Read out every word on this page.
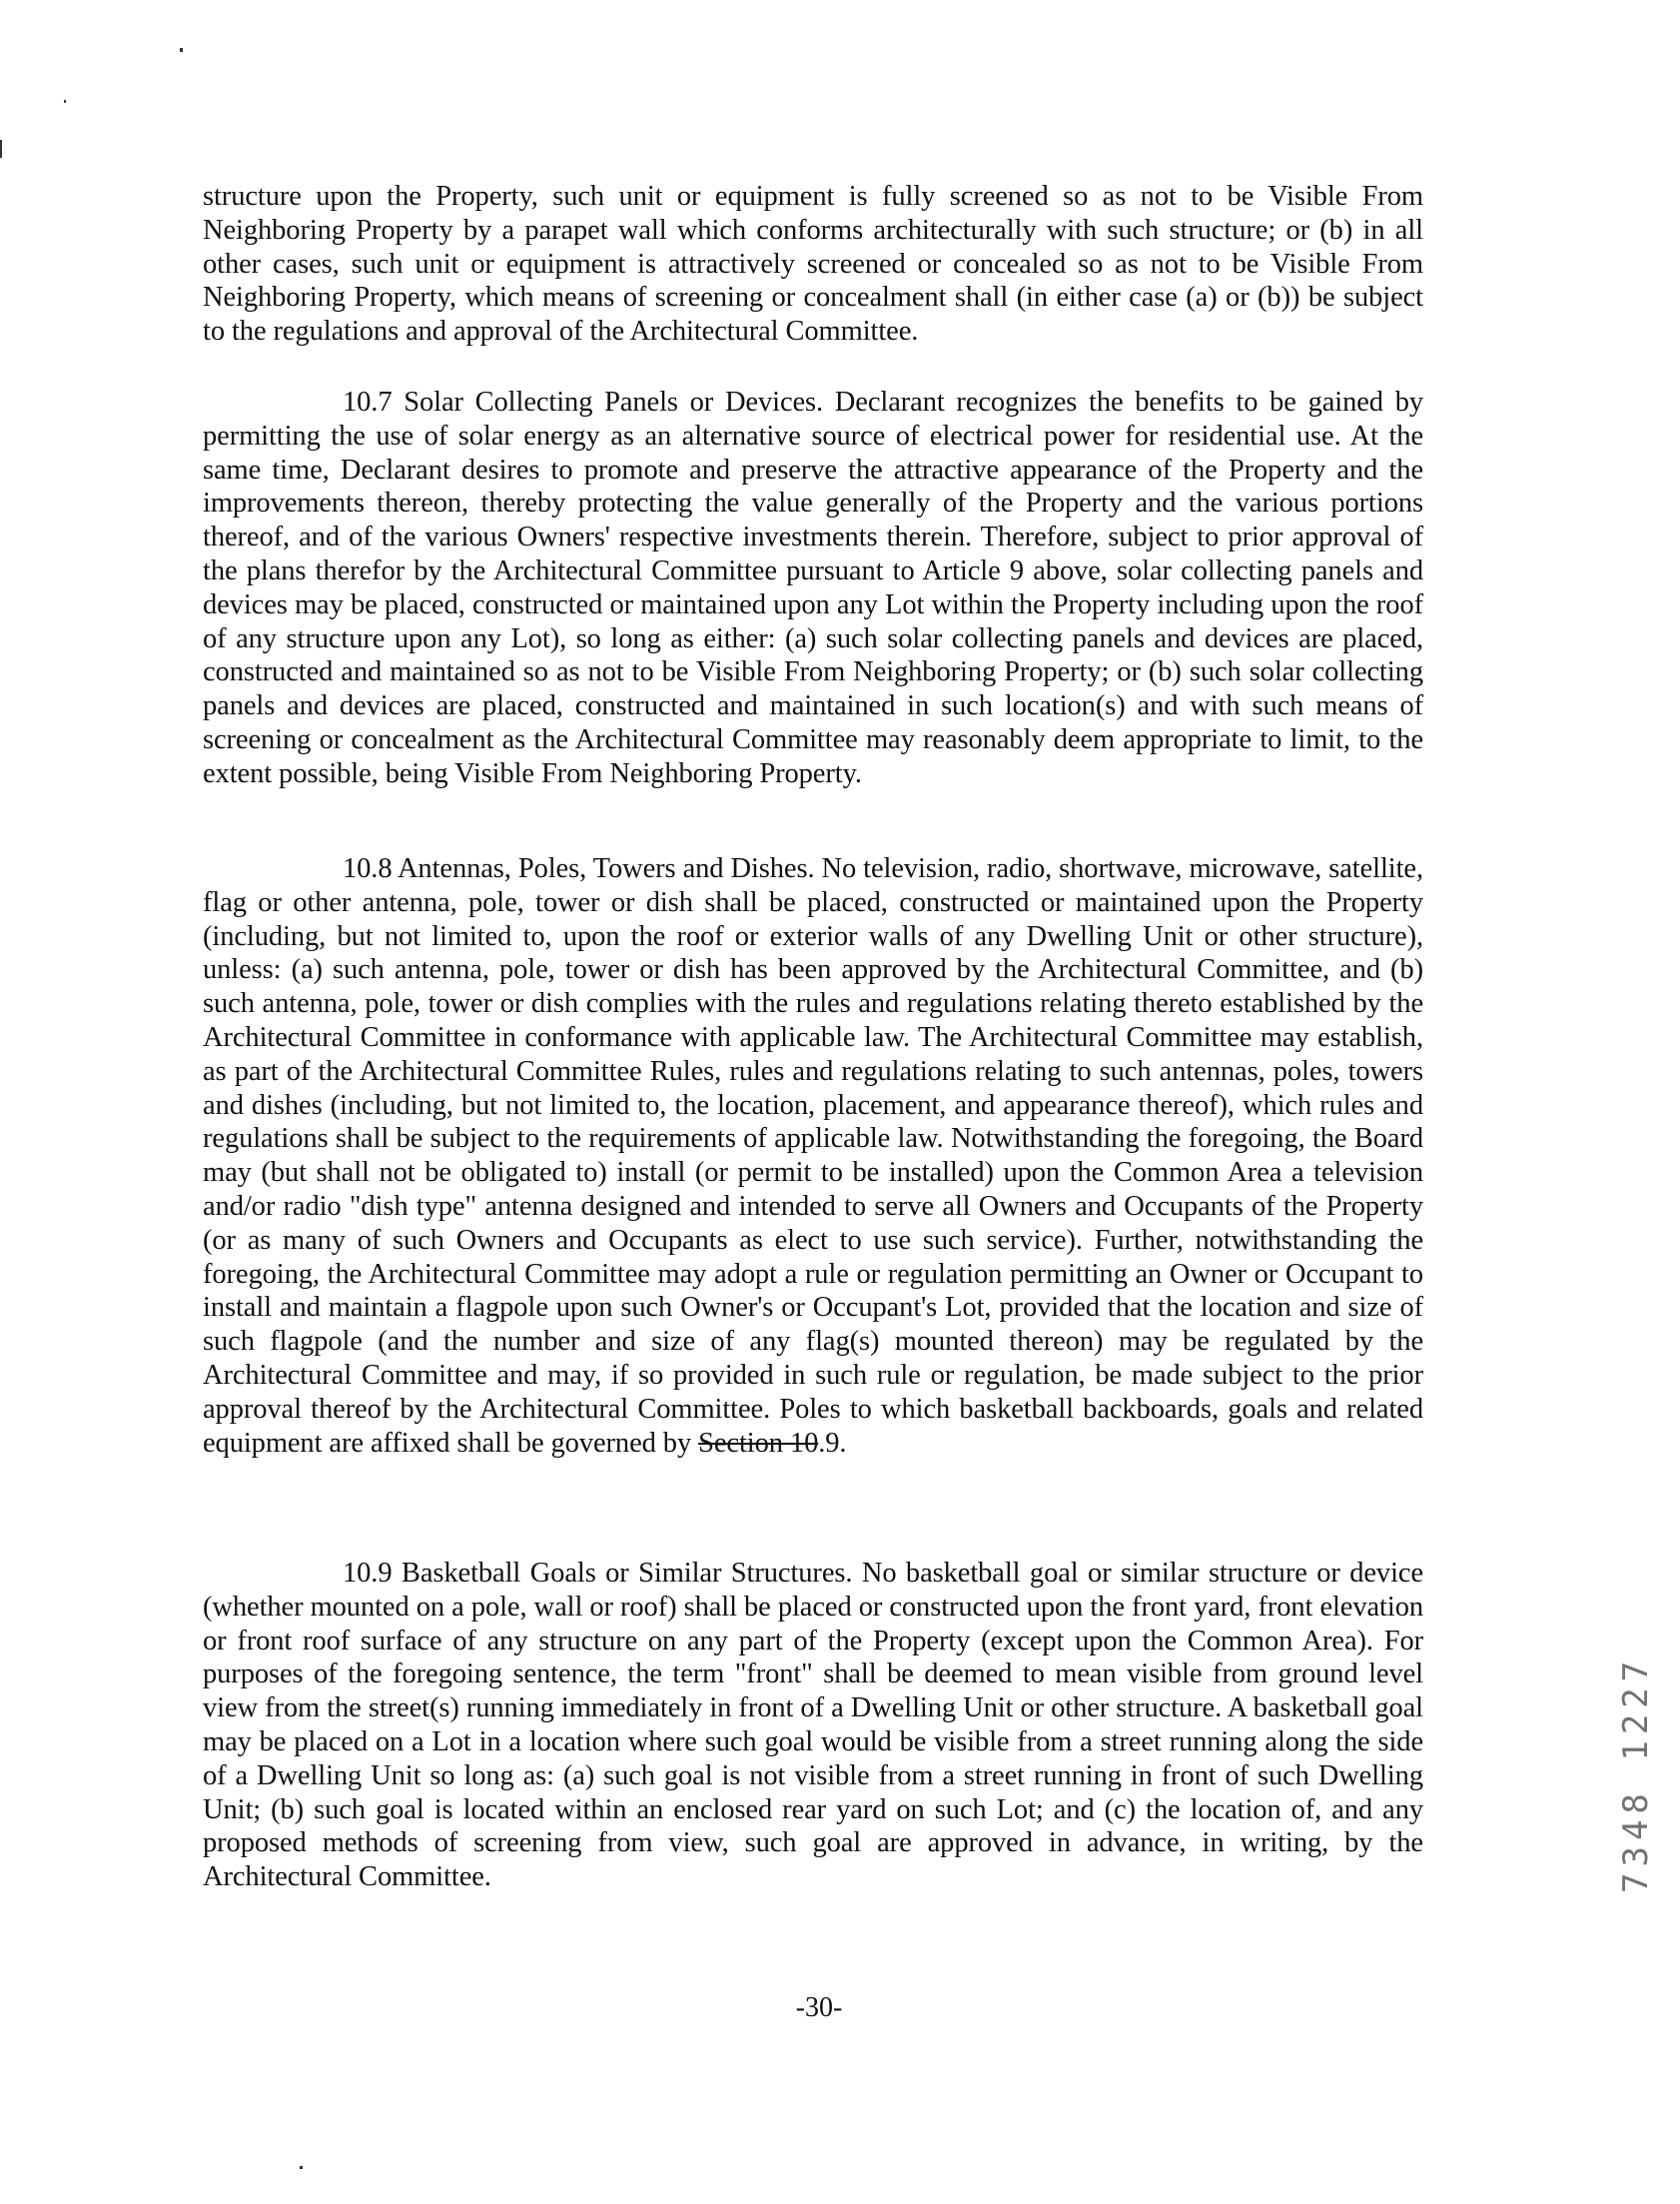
structure upon the Property, such unit or equipment is fully screened so as not to be Visible From Neighboring Property by a parapet wall which conforms architecturally with such structure; or (b) in all other cases, such unit or equipment is attractively screened or concealed so as not to be Visible From Neighboring Property, which means of screening or concealment shall (in either case (a) or (b)) be subject to the regulations and approval of the Architectural Committee.

10.7 Solar Collecting Panels or Devices. Declarant recognizes the benefits to be gained by permitting the use of solar energy as an alternative source of electrical power for residential use. At the same time, Declarant desires to promote and preserve the attractive appearance of the Property and the improvements thereon, thereby protecting the value generally of the Property and the various portions thereof, and of the various Owners' respective investments therein. Therefore, subject to prior approval of the plans therefor by the Architectural Committee pursuant to Article 9 above, solar collecting panels and devices may be placed, constructed or maintained upon any Lot within the Property including upon the roof of any structure upon any Lot), so long as either: (a) such solar collecting panels and devices are placed, constructed and maintained so as not to be Visible From Neighboring Property; or (b) such solar collecting panels and devices are placed, constructed and maintained in such location(s) and with such means of screening or concealment as the Architectural Committee may reasonably deem appropriate to limit, to the extent possible, being Visible From Neighboring Property.

10.8 Antennas, Poles, Towers and Dishes. No television, radio, shortwave, microwave, satellite, flag or other antenna, pole, tower or dish shall be placed, constructed or maintained upon the Property (including, but not limited to, upon the roof or exterior walls of any Dwelling Unit or other structure), unless: (a) such antenna, pole, tower or dish has been approved by the Architectural Committee, and (b) such antenna, pole, tower or dish complies with the rules and regulations relating thereto established by the Architectural Committee in conformance with applicable law. The Architectural Committee may establish, as part of the Architectural Committee Rules, rules and regulations relating to such antennas, poles, towers and dishes (including, but not limited to, the location, placement, and appearance thereof), which rules and regulations shall be subject to the requirements of applicable law. Notwithstanding the foregoing, the Board may (but shall not be obligated to) install (or permit to be installed) upon the Common Area a television and/or radio "dish type" antenna designed and intended to serve all Owners and Occupants of the Property (or as many of such Owners and Occupants as elect to use such service). Further, notwithstanding the foregoing, the Architectural Committee may adopt a rule or regulation permitting an Owner or Occupant to install and maintain a flagpole upon such Owner's or Occupant's Lot, provided that the location and size of such flagpole (and the number and size of any flag(s) mounted thereon) may be regulated by the Architectural Committee and may, if so provided in such rule or regulation, be made subject to the prior approval thereof by the Architectural Committee. Poles to which basketball backboards, goals and related equipment are affixed shall be governed by Section 10.9.

10.9 Basketball Goals or Similar Structures. No basketball goal or similar structure or device (whether mounted on a pole, wall or roof) shall be placed or constructed upon the front yard, front elevation or front roof surface of any structure on any part of the Property (except upon the Common Area). For purposes of the foregoing sentence, the term "front" shall be deemed to mean visible from ground level view from the street(s) running immediately in front of a Dwelling Unit or other structure. A basketball goal may be placed on a Lot in a location where such goal would be visible from a street running along the side of a Dwelling Unit so long as: (a) such goal is not visible from a street running in front of such Dwelling Unit; (b) such goal is located within an enclosed rear yard on such Lot; and (c) the location of, and any proposed methods of screening from view, such goal are approved in advance, in writing, by the Architectural Committee.

-30-
7348 1227
